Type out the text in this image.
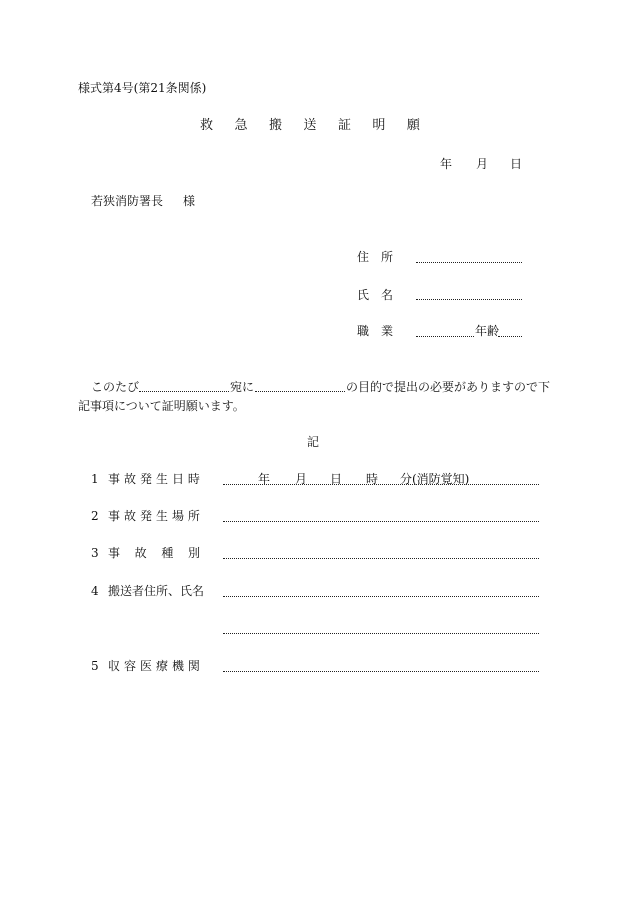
様式第4号(第21条関係)
救 急 搬 送 証 明 願
年 月 日
若狭消防署長 様
住　所
氏　名
職　業	年齢
このたび	宛に	の目的で提出の必要がありますので下
記事項について証明願います。
記
1 事 故 発 生 日 時	年 月 日 時 分(消防覚知)
2 事 故 発 生 場 所
3 事 故 種 別
4 搬送者住所、氏名
5 収 容 医 療 機 関
